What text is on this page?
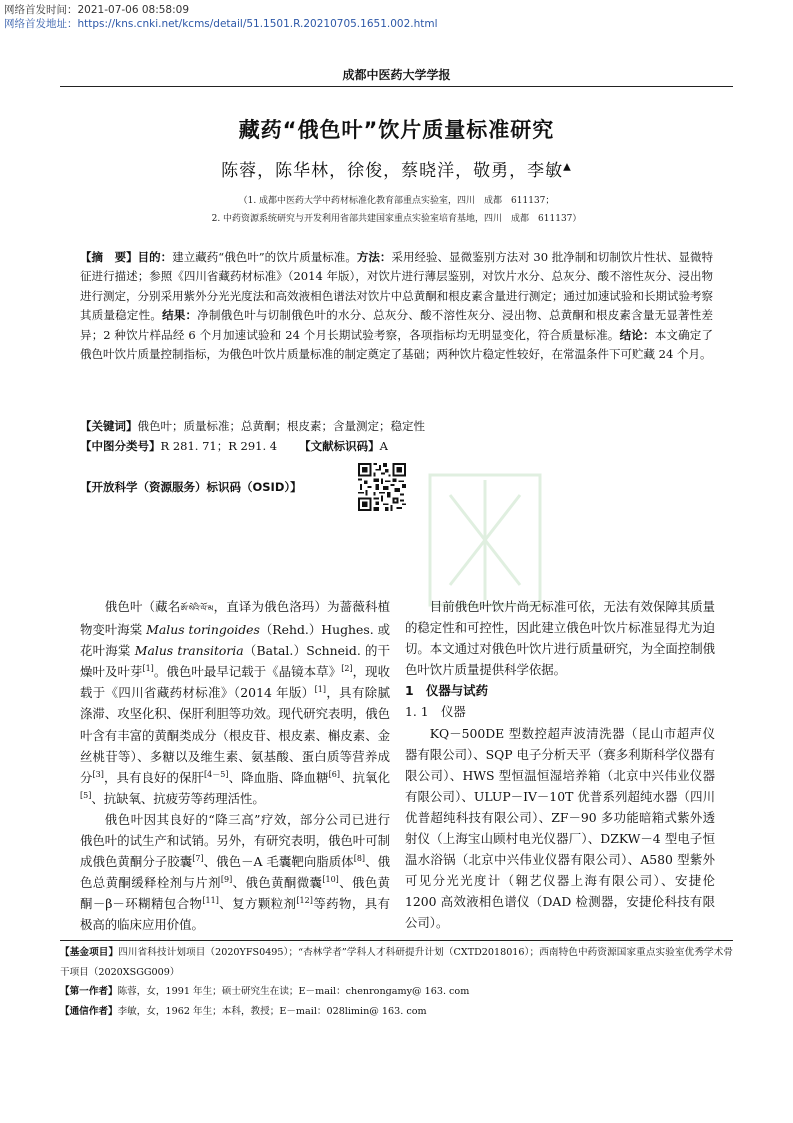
网络首发时间：2021-07-06 08:58:09
网络首发地址：https://kns.cnki.net/kcms/detail/51.1501.R.20210705.1651.002.html
成都中医药大学学报
藏药“俄色叶”饮片质量标准研究
陈蓉，陈华林，徐俊，蔡晓洋，敬勇，李敏▲
（1. 成都中医药大学中药材标准化教育部重点实验室，四川　成都　611137；
2. 中药资源系统研究与开发利用省部共建国家重点实验室培育基地，四川　成都　611137）
【摘　要】目的：建立藏药“俄色叶”的饮片质量标准。方法：采用经验、显微鉴别方法对 30 批净制和切制饮片性状、显微特征进行描述；参照《四川省藏药材标准》（2014 年版），对饮片进行薄层鉴别，对饮片水分、总灰分、酸不溶性灰分、浸出物进行测定，分别采用紫外分光光度法和高效液相色谱法对饮片中总黄酮和根皮素含量进行测定；通过加速试验和长期试验考察其质量稳定性。结果：净制俄色叶与切制俄色叶的水分、总灰分、酸不溶性灰分、浸出物、总黄酮和根皮素含量无显著性差异；2 种饮片样品经 6 个月加速试验和 24 个月长期试验考察，各项指标均无明显变化，符合质量标准。结论：本文确定了俄色叶饮片质量控制指标，为俄色叶饮片质量标准的制定奠定了基础；两种饮片稳定性较好，在常温条件下可贮藏 24 个月。
【关键词】俄色叶；质量标准；总黄酮；根皮素；含量测定；稳定性
【中图分类号】R 281. 71；R 291. 4 【文献标识码】A
【开放科学（资源服务）标识码（OSID）】

俄色叶（藏名ཨོ་སེའི་ལོ་མ，直译为俄色洛玛）为蔷薇科植物变叶海棠 Malus toringoides（Rehd.）Hughes. 或花叶海棠 Malus transitoria（Batal.）Schneid. 的干燥叶及叶芽[1]。俄色叶最早记载于《晶镜本草》[2]，现收载于《四川省藏药材标准》（2014 年版）[1]，具有除腻涤滞、攻坚化积、保肝利胆等功效。现代研究表明，俄色叶含有丰富的黄酮类成分（根皮苷、根皮素、槲皮素、金丝桃苷等）、多糖以及维生素、氨基酸、蛋白质等营养成分[3]，具有良好的保肝[4－5]、降血脂、降血糖[6]、抗氧化[5]、抗缺氧、抗疲劳等药理活性。

俄色叶因其良好的“降三高”疗效，部分公司已进行俄色叶的试生产和试销。另外，有研究表明，俄色叶可制成俄色黄酮分子胶囊[7]、俄色－A 毛囊靶向脂质体[8]、俄色总黄酮缓释栓剂与片剂[9]、俄色黄酮微囊[10]、俄色黄酮－β－环糊精包合物[11]、复方颗粒剂[12]等药物，具有极高的临床应用价值。

目前俄色叶饮片尚无标准可依，无法有效保障其质量的稳定性和可控性，因此建立俄色叶饮片标准显得尤为迫切。本文通过对俄色叶饮片进行质量研究，为全面控制俄色叶饮片质量提供科学依据。

1　仪器与试药

1. 1　仪器

KQ－500DE 型数控超声波清洗器（昆山市超声仪器有限公司）、SQP 电子分析天平（赛多利斯科学仪器有限公司）、HWS 型恒温恒湿培养箱（北京中兴伟业仪器有限公司）、ULUP－IV－10T 优普系列超纯水器（四川优普超纯科技有限公司）、ZF－90 多功能暗箱式紫外透射仪（上海宝山顾村电光仪器厂）、DZKW－4 型电子恒温水浴锅（北京中兴伟业仪器有限公司）、A580 型紫外可见分光光度计（翱艺仪器上海有限公司）、安捷伦 1200 高效液相色谱仪（DAD 检测器，安捷伦科技有限公司）。

【基金项目】四川省科技计划项目（2020YFS0495）；“杏林学者”学科人才科研提升计划（CXTD2018016）；西南特色中药资源国家重点实验室优秀学术骨干项目（2020XSGG009）

【第一作者】陈蓉，女，1991 年生；硕士研究生在读；E－mail：chenrongamy@ 163. com

【通信作者】李敏，女，1962 年生；本科，教授；E－mail：028limin@ 163. com
